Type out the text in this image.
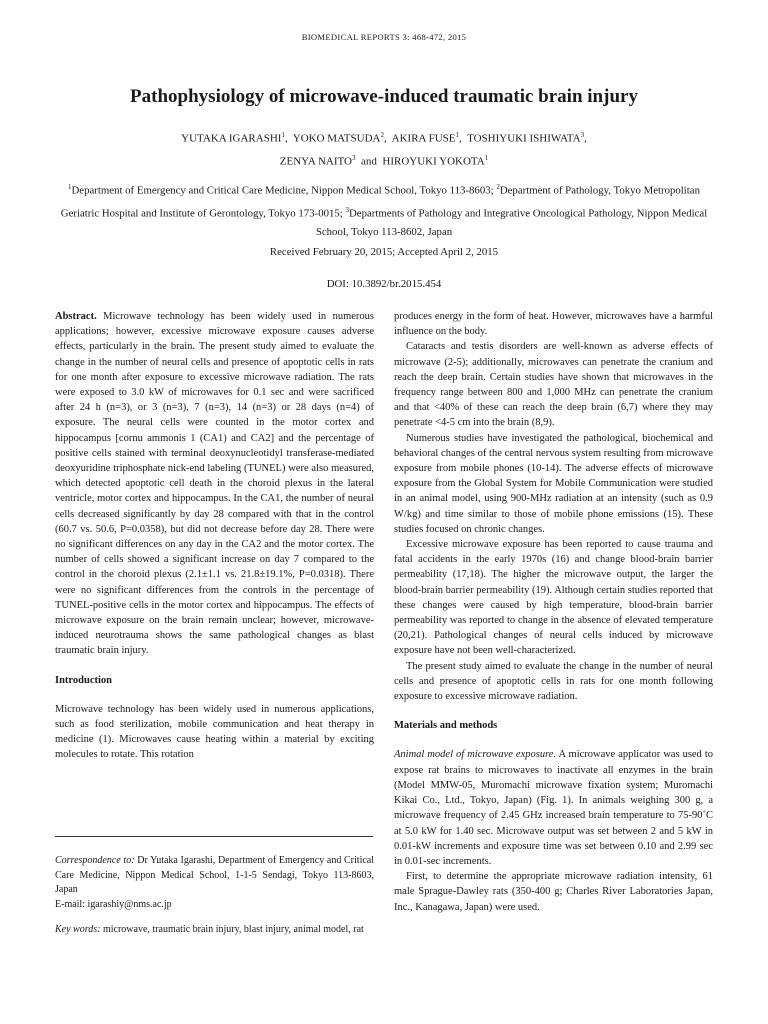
BIOMEDICAL REPORTS 3: 468-472, 2015
Pathophysiology of microwave-induced traumatic brain injury
YUTAKA IGARASHI$^1$,  YOKO MATSUDA$^2$,  AKIRA FUSE$^1$,  TOSHIYUKI ISHIWATA$^3$,
ZENYA NAITO$^3$ and HIROYUKI YOKOTA$^1$
$^1$Department of Emergency and Critical Care Medicine, Nippon Medical School, Tokyo 113-8603; $^2$Department of Pathology, Tokyo Metropolitan Geriatric Hospital and Institute of Gerontology, Tokyo 173-0015; $^3$Departments of Pathology and Integrative Oncological Pathology, Nippon Medical School, Tokyo 113-8602, Japan
Received February 20, 2015; Accepted April 2, 2015
DOI: 10.3892/br.2015.454

Abstract. Microwave technology has been widely used in numerous applications; however, excessive microwave exposure causes adverse effects, particularly in the brain. The present study aimed to evaluate the change in the number of neural cells and presence of apoptotic cells in rats for one month after exposure to excessive microwave radiation. The rats were exposed to 3.0 kW of microwaves for 0.1 sec and were sacrificed after 24 h (n=3), or 3 (n=3), 7 (n=3), 14 (n=3) or 28 days (n=4) of exposure. The neural cells were counted in the motor cortex and hippocampus [cornu ammonis 1 (CA1) and CA2] and the percentage of positive cells stained with terminal deoxynucleotidyl transferase-mediated deoxyuridine triphosphate nick-end labeling (TUNEL) were also measured, which detected apoptotic cell death in the choroid plexus in the lateral ventricle, motor cortex and hippocampus. In the CA1, the number of neural cells decreased significantly by day 28 compared with that in the control (60.7 vs. 50.6, P=0.0358), but did not decrease before day 28. There were no significant differences on any day in the CA2 and the motor cortex. The number of cells showed a significant increase on day 7 compared to the control in the choroid plexus (2.1±1.1 vs. 21.8±19.1%, P=0.0318). There were no significant differences from the controls in the percentage of TUNEL-positive cells in the motor cortex and hippocampus. The effects of microwave exposure on the brain remain unclear; however, microwave-induced neurotrauma shows the same pathological changes as blast traumatic brain injury.

Introduction

Microwave technology has been widely used in numerous applications, such as food sterilization, mobile communication and heat therapy in medicine (1). Microwaves cause heating within a material by exciting molecules to rotate. This rotation

Correspondence to: Dr Yutaka Igarashi, Department of Emergency and Critical Care Medicine, Nippon Medical School, 1-1-5 Sendagi, Tokyo 113-8603, Japan
E-mail: igarashiy@nms.ac.jp

Key words: microwave, traumatic brain injury, blast injury, animal model, rat

produces energy in the form of heat. However, microwaves have a harmful influence on the body.

Cataracts and testis disorders are well-known as adverse effects of microwave (2-5); additionally, microwaves can penetrate the cranium and reach the deep brain. Certain studies have shown that microwaves in the frequency range between 800 and 1,000 MHz can penetrate the cranium and that <40% of these can reach the deep brain (6,7) where they may penetrate <4-5 cm into the brain (8,9).

Numerous studies have investigated the pathological, biochemical and behavioral changes of the central nervous system resulting from microwave exposure from mobile phones (10-14). The adverse effects of microwave exposure from the Global System for Mobile Communication were studied in an animal model, using 900-MHz radiation at an intensity (such as 0.9 W/kg) and time similar to those of mobile phone emissions (15). These studies focused on chronic changes.

Excessive microwave exposure has been reported to cause trauma and fatal accidents in the early 1970s (16) and change blood-brain barrier permeability (17,18). The higher the microwave output, the larger the blood-brain barrier permeability (19). Although certain studies reported that these changes were caused by high temperature, blood-brain barrier permeability was reported to change in the absence of elevated temperature (20,21). Pathological changes of neural cells induced by microwave exposure have not been well-characterized.

The present study aimed to evaluate the change in the number of neural cells and presence of apoptotic cells in rats for one month following exposure to excessive microwave radiation.

Materials and methods

Animal model of microwave exposure. A microwave applicator was used to expose rat brains to microwaves to inactivate all enzymes in the brain (Model MMW-05, Muromachi microwave fixation system; Muromachi Kikai Co., Ltd., Tokyo, Japan) (Fig. 1). In animals weighing 300 g, a microwave frequency of 2.45 GHz increased brain temperature to 75-90˚C at 5.0 kW for 1.40 sec. Microwave output was set between 2 and 5 kW in 0.01-kW increments and exposure time was set between 0.10 and 2.99 sec in 0.01-sec increments.

First, to determine the appropriate microwave radiation intensity, 61 male Sprague-Dawley rats (350-400 g; Charles River Laboratories Japan, Inc., Kanagawa, Japan) were used.
